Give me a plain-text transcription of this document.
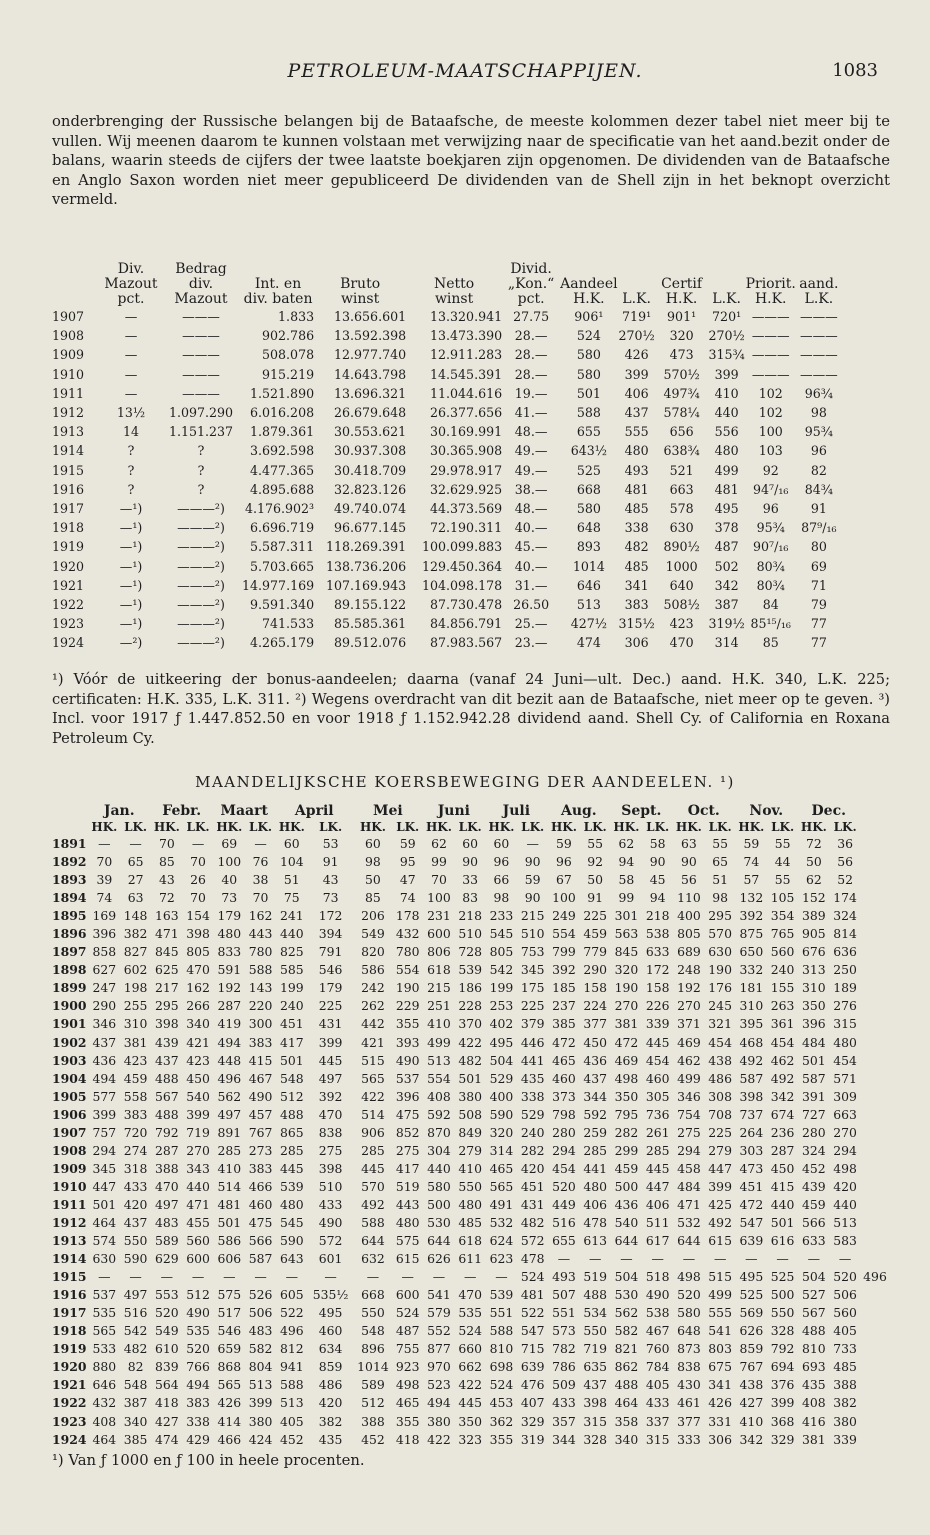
PETROLEUM-MAATSCHAPPIJEN.	1083

onderbrenging der Russische belangen bij de Bataafsche, de meeste kolommen dezer tabel niet meer bij te vullen. Wij meenen daarom te kunnen volstaan met verwijzing naar de specificatie van het aand.bezit onder de balans, waarin steeds de cijfers der twee laatste boekjaren zijn opgenomen. De dividenden van de Bataafsche en Anglo Saxon worden niet meer gepubliceerd De dividenden van de Shell zijn in het beknopt overzicht vermeld.

	Div.
Mazout
pct.	Bedrag
div.
Mazout	Int. en
div. baten	Bruto
winst	Netto
winst	Divid.
„Kon.“
pct.	Aandeel
H.K.	L.K.	Certif
H.K.	L.K.	Priorit.
H.K.	aand.
L.K.
1907	—	———	1.833	13.656.601	13.320.941	27.75	906¹	719¹	901¹	720¹	———	———
1908	—	———	902.786	13.592.398	13.473.390	28.—	524	270½	320	270½	———	———
1909	—	———	508.078	12.977.740	12.911.283	28.—	580	426	473	315¾	———	———
1910	—	———	915.219	14.643.798	14.545.391	28.—	580	399	570½	399	———	———
1911	—	———	1.521.890	13.696.321	11.044.616	19.—	501	406	497¾	410	102	96¾
1912	13½	1.097.290	6.016.208	26.679.648	26.377.656	41.—	588	437	578¼	440	102	98
1913	14	1.151.237	1.879.361	30.553.621	30.169.991	48.—	655	555	656	556	100	95¾
1914	?	?	3.692.598	30.937.308	30.365.908	49.—	643½	480	638¾	480	103	96
1915	?	?	4.477.365	30.418.709	29.978.917	49.—	525	493	521	499	92	82
1916	?	?	4.895.688	32.823.126	32.629.925	38.—	668	481	663	481	94⁷/₁₆	84¾
1917	—¹)	———²)	4.176.902³	49.740.074	44.373.569	48.—	580	485	578	495	96	91
1918	—¹)	———²)	6.696.719	96.677.145	72.190.311	40.—	648	338	630	378	95¾	87⁹/₁₆
1919	—¹)	———²)	5.587.311	118.269.391	100.099.883	45.—	893	482	890½	487	90⁷/₁₆	80
1920	—¹)	———²)	5.703.665	138.736.206	129.450.364	40.—	1014	485	1000	502	80¾	69
1921	—¹)	———²)	14.977.169	107.169.943	104.098.178	31.—	646	341	640	342	80¾	71
1922	—¹)	———²)	9.591.340	89.155.122	87.730.478	26.50	513	383	508½	387	84	79
1923	—¹)	———²)	741.533	85.585.361	84.856.791	25.—	427½	315½	423	319½	85¹⁵/₁₆	77
1924	—²)	———²)	4.265.179	89.512.076	87.983.567	23.—	474	306	470	314	85	77

¹) Vóór de uitkeering der bonus-aandeelen; daarna (vanaf 24 Juni—ult. Dec.) aand. H.K. 340, L.K. 225; certificaten: H.K. 335, L.K. 311. ²) Wegens overdracht van dit bezit aan de Bataafsche, niet meer op te geven. ³) Incl. voor 1917 ƒ 1.447.852.50 en voor 1918 ƒ 1.152.942.28 dividend aand. Shell Cy. of California en Roxana Petroleum Cy.

MAANDELIJKSCHE KOERSBEWEGING DER AANDEELEN. ¹)
	Jan.		Febr.		Maart		April		Mei		Juni		Juli		Aug.		Sept.		Oct.		Nov.		Dec.		
	HK.	LK.	HK.	LK.	HK.	LK.	HK.	LK.	HK.	LK.	HK.	LK.	HK.	LK.	HK.	LK.	HK.	LK.	HK.	LK.	HK.	LK.	HK.	LK.	
1891	—	—	70	—	69	—	60	53	60	59	62	60	60	—	59	55	62	58	63	55	59	55	72	36	
1892	70	65	85	70	100	76	104	91	98	95	99	90	96	90	96	92	94	90	90	65	74	44	50	56	
1893	39	27	43	26	40	38	51	43	50	47	70	33	66	59	67	50	58	45	56	51	57	55	62	52	
1894	74	63	72	70	73	70	75	73	85	74	100	83	98	90	100	91	99	94	110	98	132	105	152	174	
1895	169	148	163	154	179	162	241	172	206	178	231	218	233	215	249	225	301	218	400	295	392	354	389	324	
1896	396	382	471	398	480	443	440	394	549	432	600	510	545	510	554	459	563	538	805	570	875	765	905	814	
1897	858	827	845	805	833	780	825	791	820	780	806	728	805	753	799	779	845	633	689	630	650	560	676	636	
1898	627	602	625	470	591	588	585	546	586	554	618	539	542	345	392	290	320	172	248	190	332	240	313	250	
1899	247	198	217	162	192	143	199	179	242	190	215	186	199	175	185	158	190	158	192	176	181	155	310	189	
1900	290	255	295	266	287	220	240	225	262	229	251	228	253	225	237	224	270	226	270	245	310	263	350	276	
1901	346	310	398	340	419	300	451	431	442	355	410	370	402	379	385	377	381	339	371	321	395	361	396	315	
1902	437	381	439	421	494	383	417	399	421	393	499	422	495	446	472	450	472	445	469	454	468	454	484	480	
1903	436	423	437	423	448	415	501	445	515	490	513	482	504	441	465	436	469	454	462	438	492	462	501	454	
1904	494	459	488	450	496	467	548	497	565	537	554	501	529	435	460	437	498	460	499	486	587	492	587	571	
1905	577	558	567	540	562	490	512	392	422	396	408	380	400	338	373	344	350	305	346	308	398	342	391	309	
1906	399	383	488	399	497	457	488	470	514	475	592	508	590	529	798	592	795	736	754	708	737	674	727	663	
1907	757	720	792	719	891	767	865	838	906	852	870	849	320	240	280	259	282	261	275	225	264	236	280	270	
1908	294	274	287	270	285	273	285	275	285	275	304	279	314	282	294	285	299	285	294	279	303	287	324	294	
1909	345	318	388	343	410	383	445	398	445	417	440	410	465	420	454	441	459	445	458	447	473	450	452	498	
1910	447	433	470	440	514	466	539	510	570	519	580	550	565	451	520	480	500	447	484	399	451	415	439	420	
1911	501	420	497	471	481	460	480	433	492	443	500	480	491	431	449	406	436	406	471	425	472	440	459	440	
1912	464	437	483	455	501	475	545	490	588	480	530	485	532	482	516	478	540	511	532	492	547	501	566	513	
1913	574	550	589	560	586	566	590	572	644	575	644	618	624	572	655	613	644	617	644	615	639	616	633	583	
1914	630	590	629	600	606	587	643	601	632	615	626	611	623	478	—	—	—	—	—	—	—	—	—	—	
1915	—	—	—	—	—	—	—	—	—	—	—	—	—	524	493	519	504	518	498	515	495	525	504	520	496
1916	537	497	553	512	575	526	605	535½	668	600	541	470	539	481	507	488	530	490	520	499	525	500	527	506	
1917	535	516	520	490	517	506	522	495	550	524	579	535	551	522	551	534	562	538	580	555	569	550	567	560	
1918	565	542	549	535	546	483	496	460	548	487	552	524	588	547	573	550	582	467	648	541	626	328	488	405	
1919	533	482	610	520	659	582	812	634	896	755	877	660	810	715	782	719	821	760	873	803	859	792	810	733	
1920	880	82	839	766	868	804	941	859	1014	923	970	662	698	639	786	635	862	784	838	675	767	694	693	485	
1921	646	548	564	494	565	513	588	486	589	498	523	422	524	476	509	437	488	405	430	341	438	376	435	388	
1922	432	387	418	383	426	399	513	420	512	465	494	445	453	407	433	398	464	433	461	426	427	399	408	382	
1923	408	340	427	338	414	380	405	382	388	355	380	350	362	329	357	315	358	337	377	331	410	368	416	380	
1924	464	385	474	429	466	424	452	435	452	418	422	323	355	319	344	328	340	315	333	306	342	329	381	339	

¹) Van ƒ 1000 en ƒ 100 in heele procenten.
